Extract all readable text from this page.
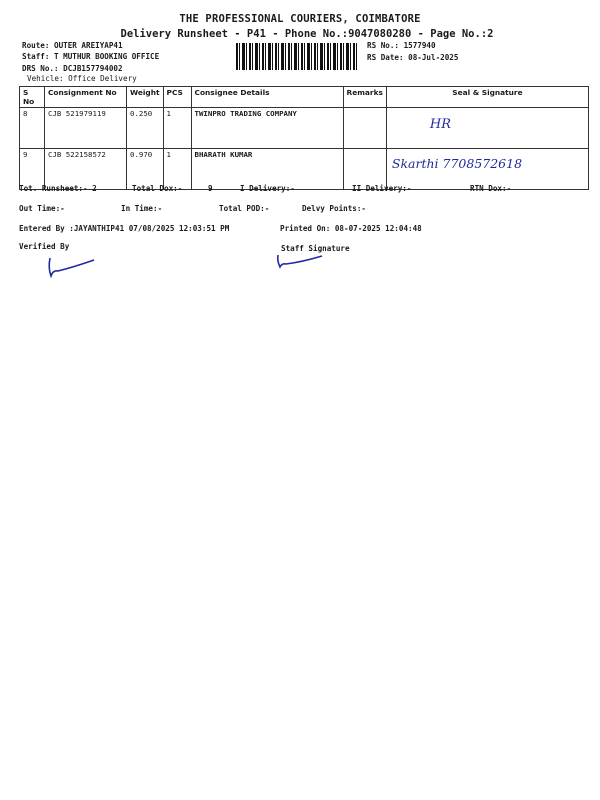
THE PROFESSIONAL COURIERS, COIMBATORE
Delivery Runsheet - P41 - Phone No.:9047080280 - Page No.:2
Route: OUTER AREIYAP41
Staff: T MUTHUR BOOKING OFFICE
DRS No.: DCJB157794002
Vehicle: Office Delivery
RS No.: 1577940
RS Date: 08-Jul-2025
S No	Consignment No	Weight	PCS	Consignee Details	Remarks	Seal & Signature
8	CJB 521979119	0.250	1	TWINPRO TRADING COMPANY		HR

9	CJB 522158572	0.970	1	BHARATH KUMAR		Skarthi 7708572618
Tot. Runsheet:- 2	Total Dox:-	9	I Delivery:-	II Delivery:-	RTN Dox:-
Out Time:-	In Time:-	Total POD:-	Delvy Points:-
Entered By :JAYANTHIP41 07/08/2025 12:03:51 PM	Printed On: 08-07-2025 12:04:48
Verified By	Staff Signature
